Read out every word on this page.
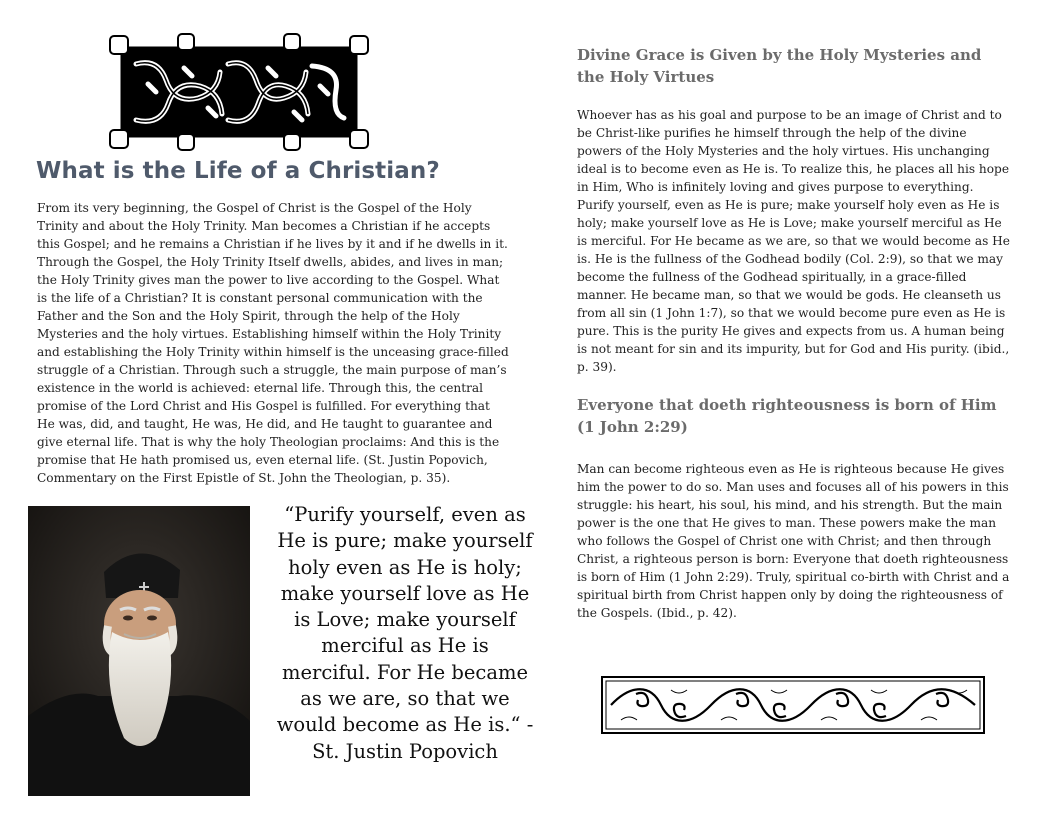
What is the Life of a Christian?
From its very beginning, the Gospel of Christ is the Gospel of the Holy Trinity and about the Holy Trinity. Man becomes a Christian if he accepts this Gospel; and he remains a Christian if he lives by it and if he dwells in it. Through the Gospel, the Holy Trinity Itself dwells, abides, and lives in man; the Holy Trinity gives man the power to live according to the Gospel. What is the life of a Christian? It is constant personal communication with the Father and the Son and the Holy Spirit, through the help of the Holy Mysteries and the holy virtues. Establishing himself within the Holy Trinity and establishing the Holy Trinity within himself is the unceasing grace-filled struggle of a Christian. Through such a struggle, the main purpose of man’s existence in the world is achieved: eternal life. Through this, the central promise of the Lord Christ and His Gospel is fulfilled. For everything that He was, did, and taught, He was, He did, and He taught to guarantee and give eternal life. That is why the holy Theologian proclaims: And this is the promise that He hath promised us, even eternal life. (St. Justin Popovich, Commentary on the First Epistle of St. John the Theologian, p. 35).
“Purify yourself, even as He is pure; make yourself holy even as He is holy; make yourself love as He is Love; make yourself merciful as He is merciful. For He became as we are, so that we would become as He is.“ - St. Justin Popovich
Divine Grace is Given by the Holy Mysteries and the Holy Virtues
Whoever has as his goal and purpose to be an image of Christ and to be Christ-like purifies he himself through the help of the divine powers of the Holy Mysteries and the holy virtues. His unchanging ideal is to become even as He is. To realize this, he places all his hope in Him, Who is infinitely loving and gives purpose to everything. Purify yourself, even as He is pure; make yourself holy even as He is holy; make yourself love as He is Love; make yourself merciful as He is merciful. For He became as we are, so that we would become as He is. He is the fullness of the Godhead bodily (Col. 2:9), so that we may become the fullness of the Godhead spiritually, in a grace-filled manner. He became man, so that we would be gods. He cleanseth us from all sin (1 John 1:7), so that we would become pure even as He is pure. This is the purity He gives and expects from us. A human being is not meant for sin and its impurity, but for God and His purity. (ibid., p. 39).
Everyone that doeth righteousness is born of Him (1 John 2:29)
Man can become righteous even as He is righteous because He gives him the power to do so. Man uses and focuses all of his powers in this struggle: his heart, his soul, his mind, and his strength. But the main power is the one that He gives to man. These powers make the man who follows the Gospel of Christ one with Christ; and then through Christ, a righteous person is born: Everyone that doeth righteousness is born of Him (1 John 2:29). Truly, spiritual co-birth with Christ and a spiritual birth from Christ happen only by doing the righteousness of the Gospels. (Ibid., p. 42).
